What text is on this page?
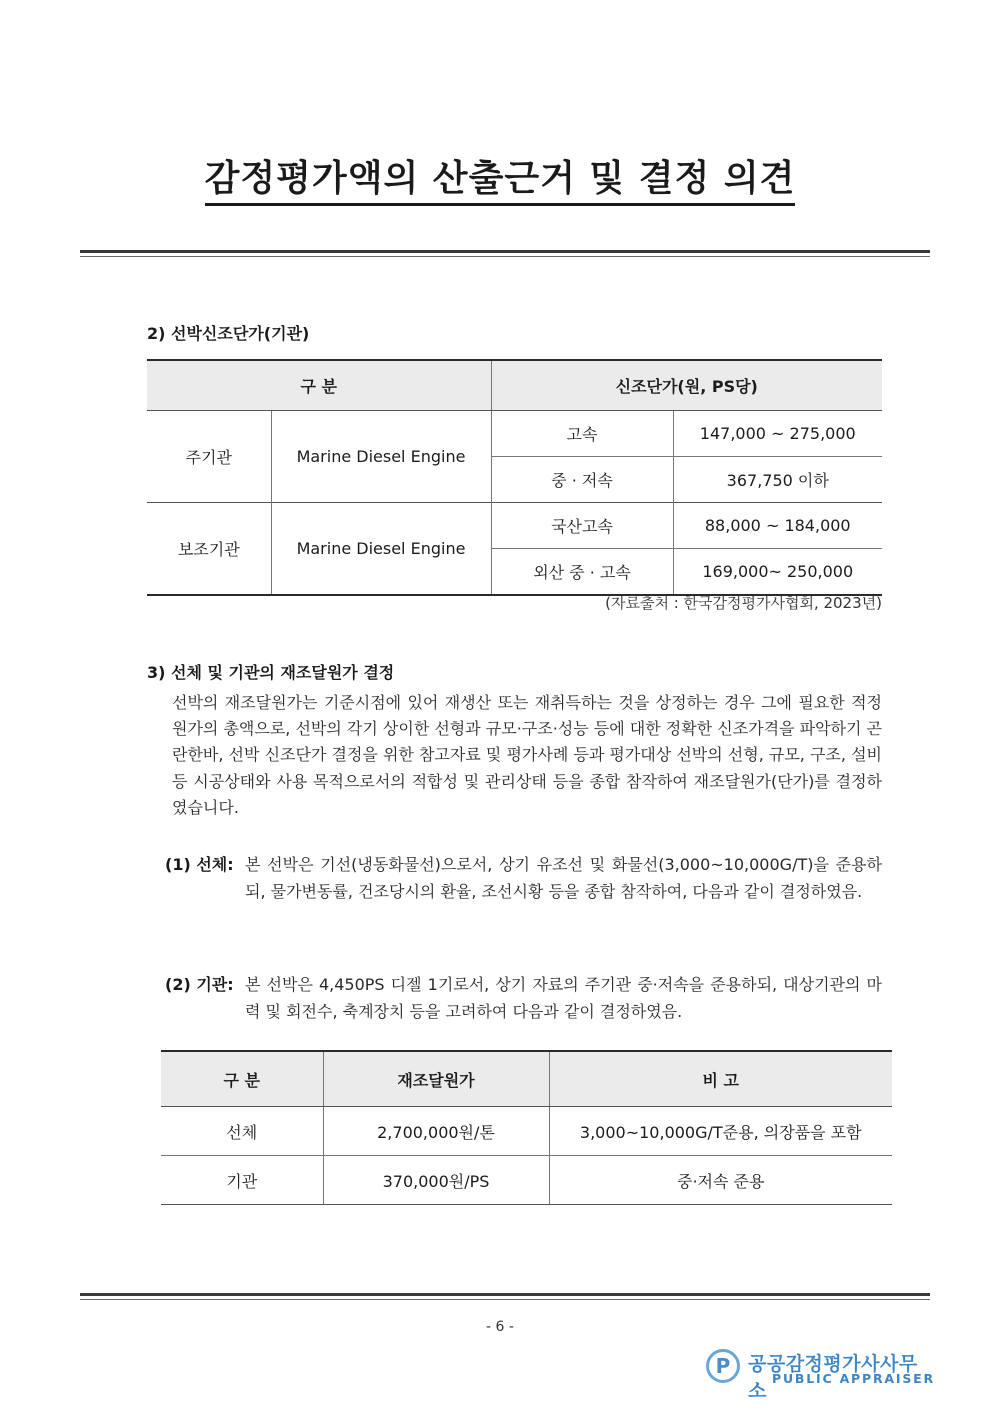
감정평가액의 산출근거 및 결정 의견
2) 선박신조단가(기관)
구 분		신조단가(원, PS당)	
주기관	Marine Diesel Engine	고속	147,000 ~ 275,000
		중 · 저속	367,750 이하
보조기관	Marine Diesel Engine	국산고속	88,000 ~ 184,000
		외산 중 · 고속	169,000~ 250,000
(자료출처 : 한국감정평가사협회, 2023년)
3) 선체 및 기관의 재조달원가 결정
선박의 재조달원가는 기준시점에 있어 재생산 또는 재취득하는 것을 상정하는 경우 그에 필요한 적정 원가의 총액으로, 선박의 각기 상이한 선형과 규모·구조·성능 등에 대한 정확한 신조가격을 파악하기 곤란한바, 선박 신조단가 결정을 위한 참고자료 및 평가사례 등과 평가대상 선박의 선형, 규모, 구조, 설비 등 시공상태와 사용 목적으로서의 적합성 및 관리상태 등을 종합 참작하여 재조달원가(단가)를 결정하였습니다.
(1) 선체: 본 선박은 기선(냉동화물선)으로서, 상기 유조선 및 화물선(3,000~10,000G/T)을 준용하되, 물가변동률, 건조당시의 환율, 조선시황 등을 종합 참작하여, 다음과 같이 결정하였음.
(2) 기관: 본 선박은 4,450PS 디젤 1기로서, 상기 자료의 주기관 중·저속을 준용하되, 대상기관의 마력 및 회전수, 축계장치 등을 고려하여 다음과 같이 결정하였음.
구 분	재조달원가	비 고
선체	2,700,000원/톤	3,000~10,000G/T준용, 의장품을 포함
기관	370,000원/PS	중·저속 준용
- 6 -
P 공공감정평가사사무소
PUBLIC APPRAISER
